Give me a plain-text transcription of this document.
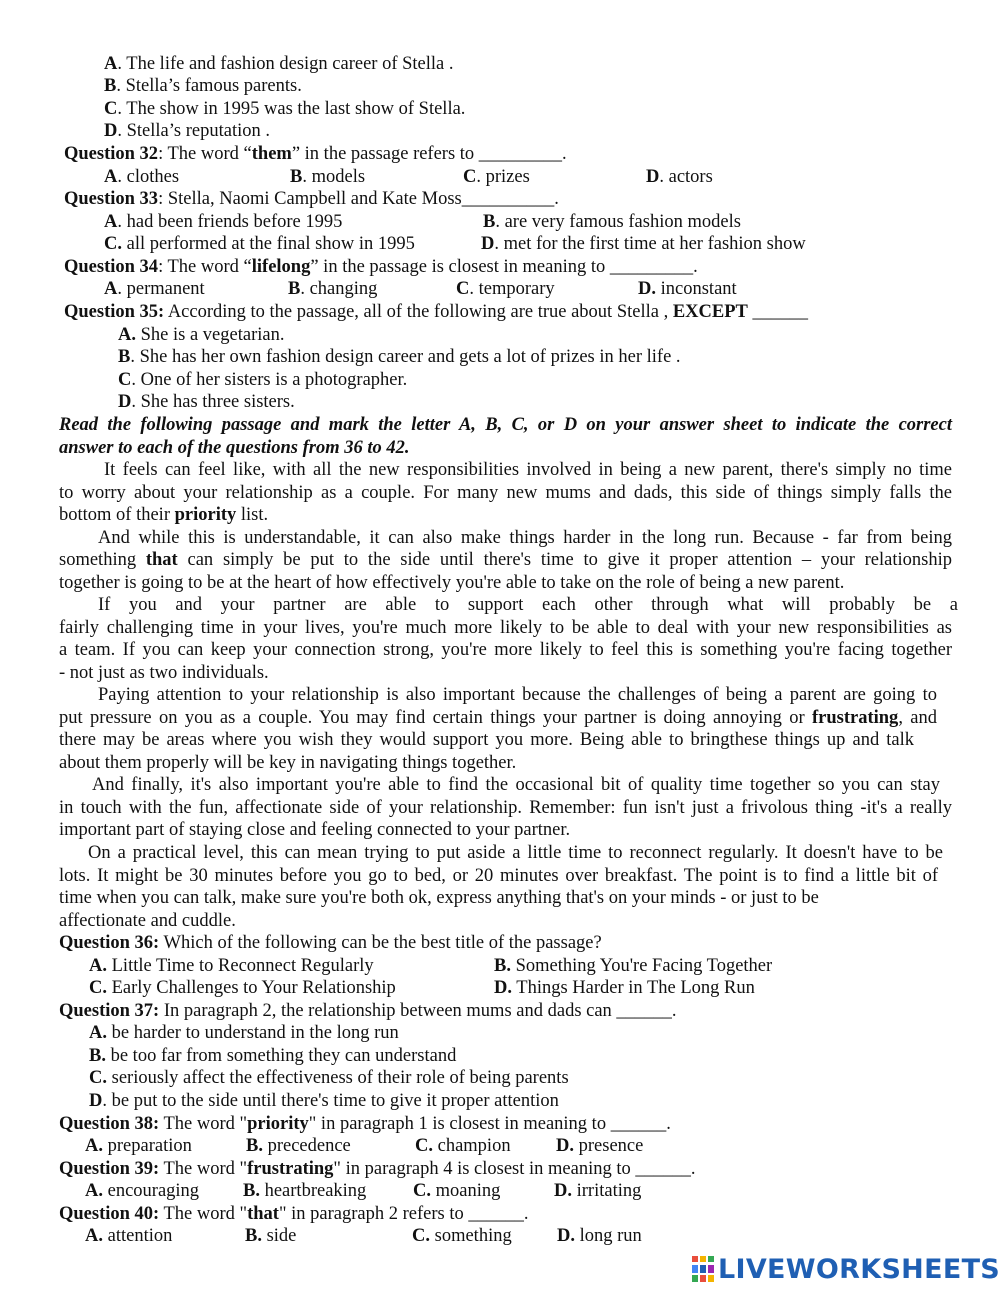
A. The life and fashion design career of Stella .
B. Stella’s famous parents.
C. The show in 1995 was the last show of Stella.
D. Stella’s reputation .
Question 32: The word “them” in the passage refers to _________.
A. clothes	B. models	C. prizes	D. actors
Question 33: Stella, Naomi Campbell and Kate Moss__________.
A. had been friends before 1995	B. are very famous fashion models
C. all performed at the final show in 1995	D. met for the first time at her fashion show
Question 34: The word “lifelong” in the passage is closest in meaning to _________.
A. permanent	B. changing	C. temporary	D. inconstant
Question 35: According to the passage, all of the following are true about Stella , EXCEPT ______
A. She is a vegetarian.
B. She has her own fashion design career and gets a lot of prizes in her life .
C. One of her sisters is a photographer.
D. She has three sisters.
Read the following passage and mark the letter A, B, C, or D on your answer sheet to indicate the correct
answer to each of the questions from 36 to 42.
It feels can feel like, with all the new responsibilities involved in being a new parent, there's simply no time
to worry about your relationship as a couple. For many new mums and dads, this side of things simply falls the
bottom of their priority list.
And while this is understandable, it can also make things harder in the long run. Because - far from being
something that can simply be put to the side until there's time to give it proper attention – your relationship
together is going to be at the heart of how effectively you're able to take on the role of being a new parent.
If you and your partner are able to support each other through what will probably be a
fairly challenging time in your lives, you're much more likely to be able to deal with your new responsibilities as
a team. If you can keep your connection strong, you're more likely to feel this is something you're facing together
- not just as two individuals.
Paying attention to your relationship is also important because the challenges of being a parent are going to
put pressure on you as a couple. You may find certain things your partner is doing annoying or frustrating, and
there may be areas where you wish they would support you more. Being able to bringthese things up and talk
about them properly will be key in navigating things together.
And finally, it's also important you're able to find the occasional bit of quality time together so you can stay
in touch with the fun, affectionate side of your relationship. Remember: fun isn't just a frivolous thing -it's a really
important part of staying close and feeling connected to your partner.
On a practical level, this can mean trying to put aside a little time to reconnect regularly. It doesn't have to be
lots. It might be 30 minutes before you go to bed, or 20 minutes over breakfast. The point is to find a little bit of
time when you can talk, make sure you're both ok, express anything that's on your minds - or just to be
affectionate and cuddle.
Question 36: Which of the following can be the best title of the passage?
A. Little Time to Reconnect Regularly	B. Something You're Facing Together
C. Early Challenges to Your Relationship	D. Things Harder in The Long Run
Question 37: In paragraph 2, the relationship between mums and dads can ______.
A. be harder to understand in the long run
B. be too far from something they can understand
C. seriously affect the effectiveness of their role of being parents
D. be put to the side until there's time to give it proper attention
Question 38: The word "priority" in paragraph 1 is closest in meaning to ______.
A. preparation	B. precedence	C. champion D. presence
Question 39: The word "frustrating" in paragraph 4 is closest in meaning to ______.
A. encouraging B. heartbreaking	C. moaning	D. irritating
Question 40: The word "that" in paragraph 2 refers to ______.
A. attention	B. side	C. something D. long run
LIVEWORKSHEETS
